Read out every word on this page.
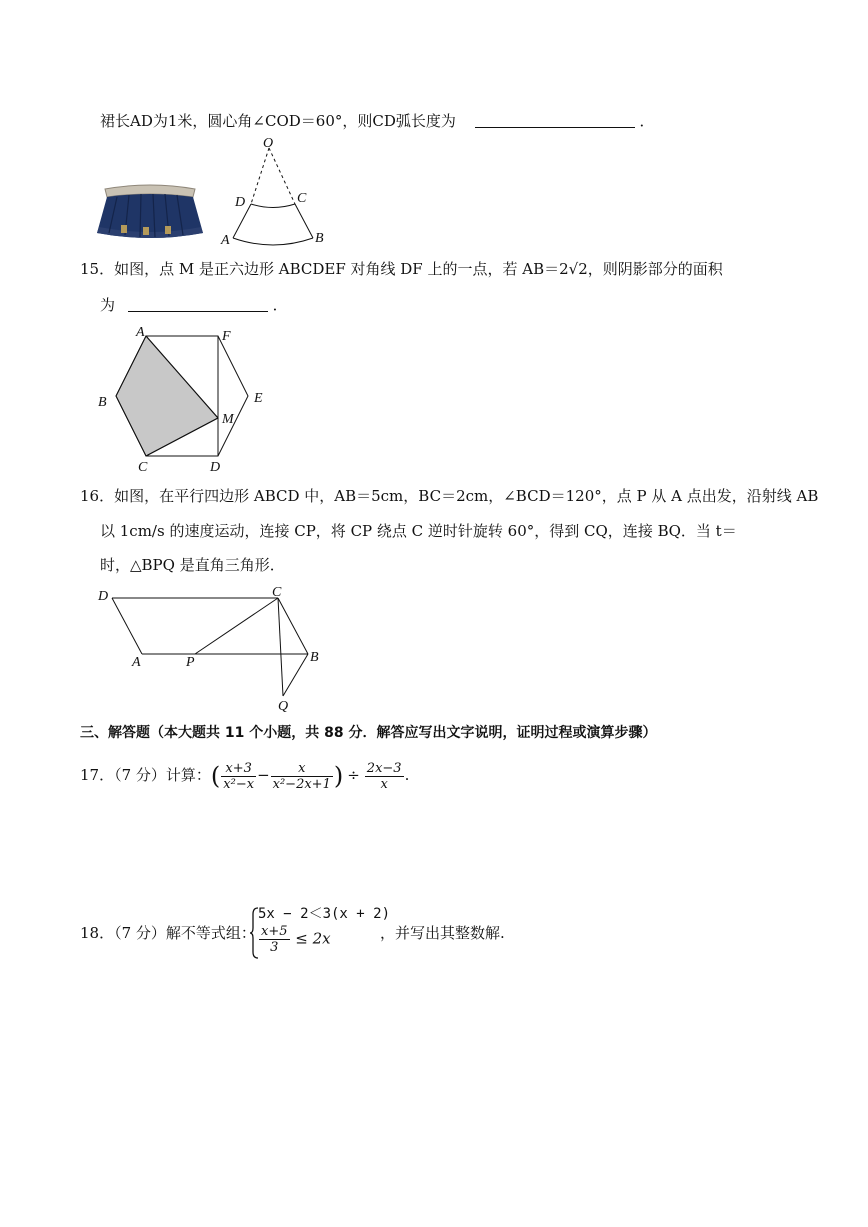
裙长AD为1米，圆心角∠COD＝60°，则CD弧长度为	．
O
D	C
A	B
15．如图，点 M 是正六边形 ABCDEF 对角线 DF 上的一点，若 AB＝2√2，则阴影部分的面积
为	．
A	F
B	E
M
C	D
16．如图，在平行四边形 ABCD 中，AB＝5cm，BC＝2cm，∠BCD＝120°，点 P 从 A 点出发，沿射线 AB
以 1cm/s 的速度运动，连接 CP，将 CP 绕点 C 逆时针旋转 60°，得到 CQ，连接 BQ．当 t＝
时，△BPQ 是直角三角形．
D	C
A	P	B
Q
三、解答题（本大题共 11 个小题，共 88 分．解答应写出文字说明，证明过程或演算步骤）
17．（7 分）计算：( $\frac{x+3}{\text{x²−x}} - \frac{x}{\text{x²−2x+1}}$ ) ÷ $\frac{2x-3}{x}$ .
18．（7 分）解不等式组：
5x − 2＜3(x + 2)
$\frac{x+5}{3} \le 2x$	，并写出其整数解.
